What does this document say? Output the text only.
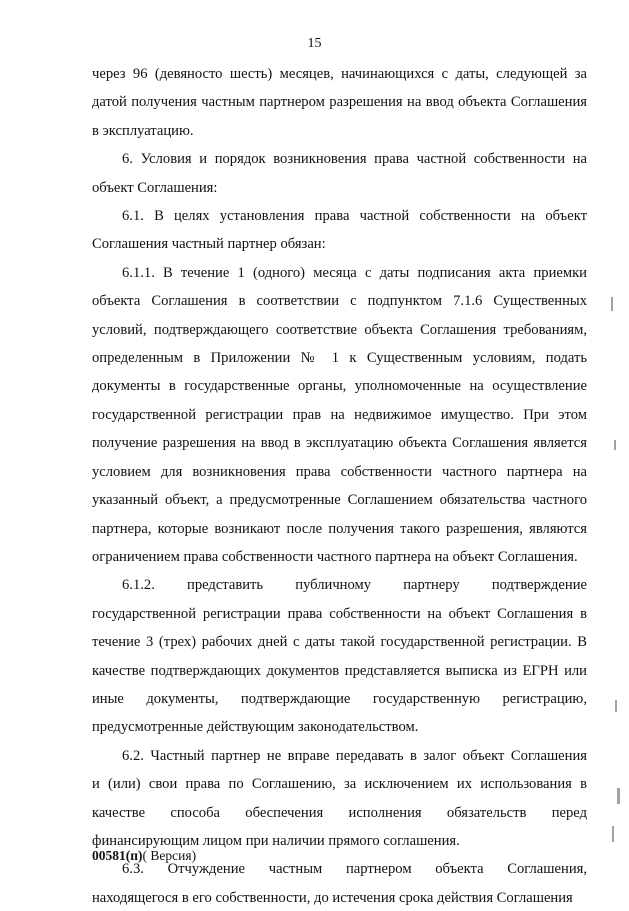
15
через 96 (девяносто шесть) месяцев, начинающихся с даты, следующей за
датой получения частным партнером разрешения на ввод объекта Соглашения
в эксплуатацию.
6. Условия и порядок возникновения права частной собственности на
объект Соглашения:
6.1. В целях установления права частной собственности на объект
Соглашения частный партнер обязан:
6.1.1. В течение 1 (одного) месяца с даты подписания акта приемки
объекта Соглашения в соответствии с подпунктом 7.1.6 Существенных
условий, подтверждающего соответствие объекта Соглашения требованиям,
определенным в Приложении № 1 к Существенным условиям, подать
документы в государственные органы, уполномоченные на осуществление
государственной регистрации прав на недвижимое имущество. При этом
получение разрешения на ввод в эксплуатацию объекта Соглашения является
условием для возникновения права собственности частного партнера на
указанный объект, а предусмотренные Соглашением обязательства частного
партнера, которые возникают после получения такого разрешения, являются
ограничением права собственности частного партнера на объект Соглашения.
6.1.2. представить публичному партнеру подтверждение
государственной регистрации права собственности на объект Соглашения в
течение 3 (трех) рабочих дней с даты такой государственной регистрации. В
качестве подтверждающих документов представляется выписка из ЕГРН или
иные документы, подтверждающие государственную регистрацию,
предусмотренные действующим законодательством.
6.2. Частный партнер не вправе передавать в залог объект Соглашения
и (или) свои права по Соглашению, за исключением их использования в
качестве способа обеспечения исполнения обязательств перед
финансирующим лицом при наличии прямого соглашения.
6.3. Отчуждение частным партнером объекта Соглашения,
находящегося в его собственности, до истечения срока действия Соглашения
00581(п)( Версия)
